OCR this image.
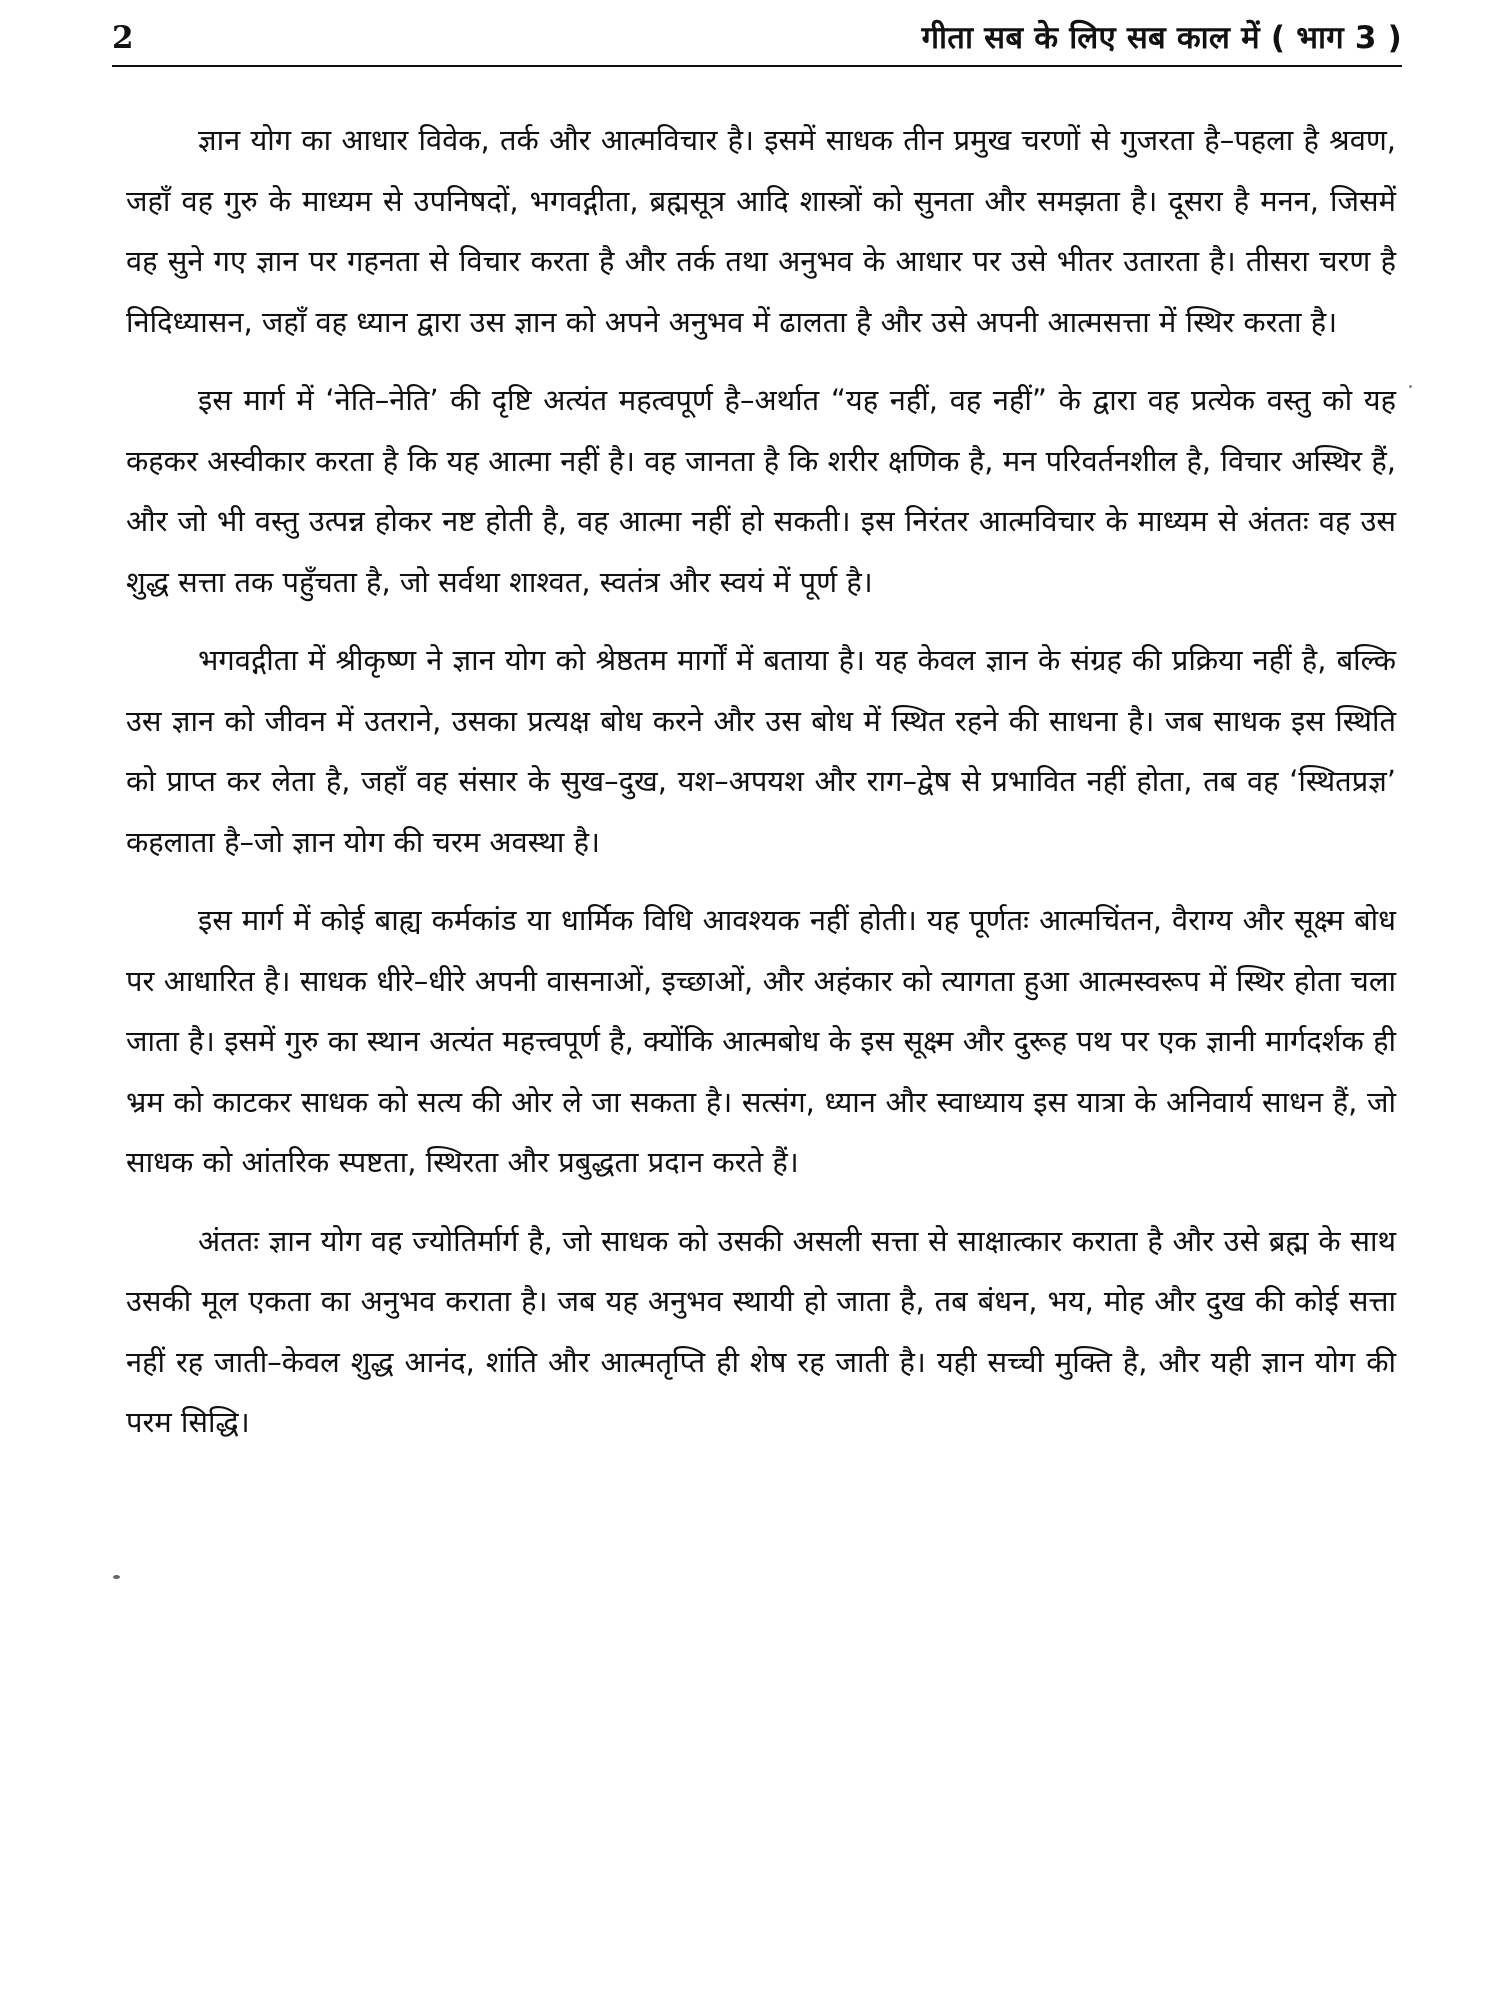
2	गीता सब के लिए सब काल में ( भाग 3 )

ज्ञान योग का आधार विवेक, तर्क और आत्मविचार है। इसमें साधक तीन प्रमुख चरणों से गुजरता है–पहला है श्रवण, जहाँ वह गुरु के माध्यम से उपनिषदों, भगवद्गीता, ब्रह्मसूत्र आदि शास्त्रों को सुनता और समझता है। दूसरा है मनन, जिसमें वह सुने गए ज्ञान पर गहनता से विचार करता है और तर्क तथा अनुभव के आधार पर उसे भीतर उतारता है। तीसरा चरण है निदिध्यासन, जहाँ वह ध्यान द्वारा उस ज्ञान को अपने अनुभव में ढालता है और उसे अपनी आत्मसत्ता में स्थिर करता है।

इस मार्ग में ‘नेति–नेति’ की दृष्टि अत्यंत महत्वपूर्ण है–अर्थात “यह नहीं, वह नहीं” के द्वारा वह प्रत्येक वस्तु को यह कहकर अस्वीकार करता है कि यह आत्मा नहीं है। वह जानता है कि शरीर क्षणिक है, मन परिवर्तनशील है, विचार अस्थिर हैं, और जो भी वस्तु उत्पन्न होकर नष्ट होती है, वह आत्मा नहीं हो सकती। इस निरंतर आत्मविचार के माध्यम से अंततः वह उस शुद्ध सत्ता तक पहुँचता है, जो सर्वथा शाश्वत, स्वतंत्र और स्वयं में पूर्ण है।

भगवद्गीता में श्रीकृष्ण ने ज्ञान योग को श्रेष्ठतम मार्गों में बताया है। यह केवल ज्ञान के संग्रह की प्रक्रिया नहीं है, बल्कि उस ज्ञान को जीवन में उतराने, उसका प्रत्यक्ष बोध करने और उस बोध में स्थित रहने की साधना है। जब साधक इस स्थिति को प्राप्त कर लेता है, जहाँ वह संसार के सुख–दुख, यश–अपयश और राग–द्वेष से प्रभावित नहीं होता, तब वह ‘स्थितप्रज्ञ’ कहलाता है–जो ज्ञान योग की चरम अवस्था है।

इस मार्ग में कोई बाह्य कर्मकांड या धार्मिक विधि आवश्यक नहीं होती। यह पूर्णतः आत्मचिंतन, वैराग्य और सूक्ष्म बोध पर आधारित है। साधक धीरे–धीरे अपनी वासनाओं, इच्छाओं, और अहंकार को त्यागता हुआ आत्मस्वरूप में स्थिर होता चला जाता है। इसमें गुरु का स्थान अत्यंत महत्त्वपूर्ण है, क्योंकि आत्मबोध के इस सूक्ष्म और दुरूह पथ पर एक ज्ञानी मार्गदर्शक ही भ्रम को काटकर साधक को सत्य की ओर ले जा सकता है। सत्संग, ध्यान और स्वाध्याय इस यात्रा के अनिवार्य साधन हैं, जो साधक को आंतरिक स्पष्टता, स्थिरता और प्रबुद्धता प्रदान करते हैं।

अंततः ज्ञान योग वह ज्योतिर्मार्ग है, जो साधक को उसकी असली सत्ता से साक्षात्कार कराता है और उसे ब्रह्म के साथ उसकी मूल एकता का अनुभव कराता है। जब यह अनुभव स्थायी हो जाता है, तब बंधन, भय, मोह और दुख की कोई सत्ता नहीं रह जाती–केवल शुद्ध आनंद, शांति और आत्मतृप्ति ही शेष रह जाती है। यही सच्ची मुक्ति है, और यही ज्ञान योग की परम सिद्धि।
